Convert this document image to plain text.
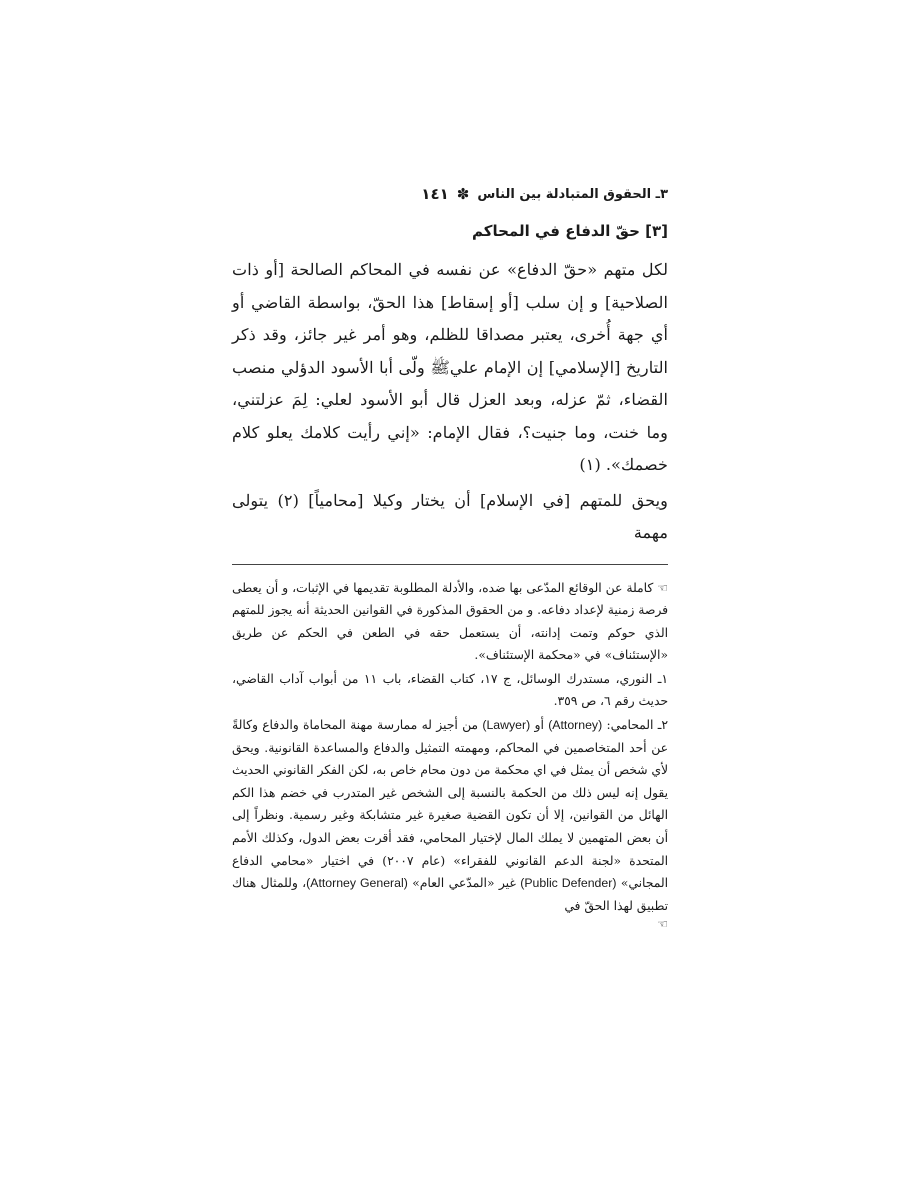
٣ـ الحقوق المتبادلة بين الناس
✽
١٤١
[٣] حقّ الدفاع في المحاكم

لكل متهم «حقّ الدفاع» عن نفسه في المحاكم الصالحة [أو ذات الصلاحية] و إن سلب [أو إسقاط] هذا الحقّ، بواسطة القاضي أو أي جهة أُخرى، يعتبر مصداقا للظلم، وهو أمر غير جائز، وقد ذكر التاريخ [الإسلامي] إن الإمام عليﷺ ولّى أبا الأسود الدؤلي منصب القضاء، ثمّ عزله، وبعد العزل قال أبو الأسود لعلي: لِمَ عزلتني، وما خنت، وما جنيت؟، فقال الإمام: «إني رأيت كلامك يعلو كلام خصمك». (١)

ويحق للمتهم [في الإسلام] أن يختار وكيلا [محامياً] (٢) يتولى مهمة

☜ كاملة عن الوقائع المدّعى بها ضده، والأدلة المطلوبة تقديمها في الإثبات، و أن يعطى فرصة زمنية لإعداد دفاعه. و من الحقوق المذكورة في القوانين الحديثة أنه يجوز للمتهم الذي حوكم وتمت إدانته، أن يستعمل حقه في الطعن في الحكم عن طريق «الإستئناف» في «محكمة الإستئناف».

١ـ النوري، مستدرك الوسائل، ج ١٧، كتاب القضاء، باب ١١ من أبواب آداب القاضي، حديث رقم ٦، ص ٣٥٩.

٢ـ المحامي: (Attorney) أو (Lawyer) من أجيز له ممارسة مهنة المحاماة والدفاع وكالةً عن أحد المتخاصمين في المحاكم، ومهمته التمثيل والدفاع والمساعدة القانونية. ويحق لأي شخص أن يمثل في اي محكمة من دون محام خاص به، لكن الفكر القانوني الحديث يقول إنه ليس ذلك من الحكمة بالنسبة إلى الشخص غير المتدرب في خضم هذا الكم الهائل من القوانين، إلا أن تكون القضية صغيرة غير متشابكة وغير رسمية. ونظراً إلى أن بعض المتهمين لا يملك المال لإختيار المحامي، فقد أقرت بعض الدول، وكذلك الأمم المتحدة «لجنة الدعم القانوني للفقراء» (عام ٢٠٠٧) في اختيار «محامي الدفاع المجاني» (Public Defender) غير «المدّعي العام» (Attorney General)، وللمثال هناك تطبيق لهذا الحقّ في
☜
